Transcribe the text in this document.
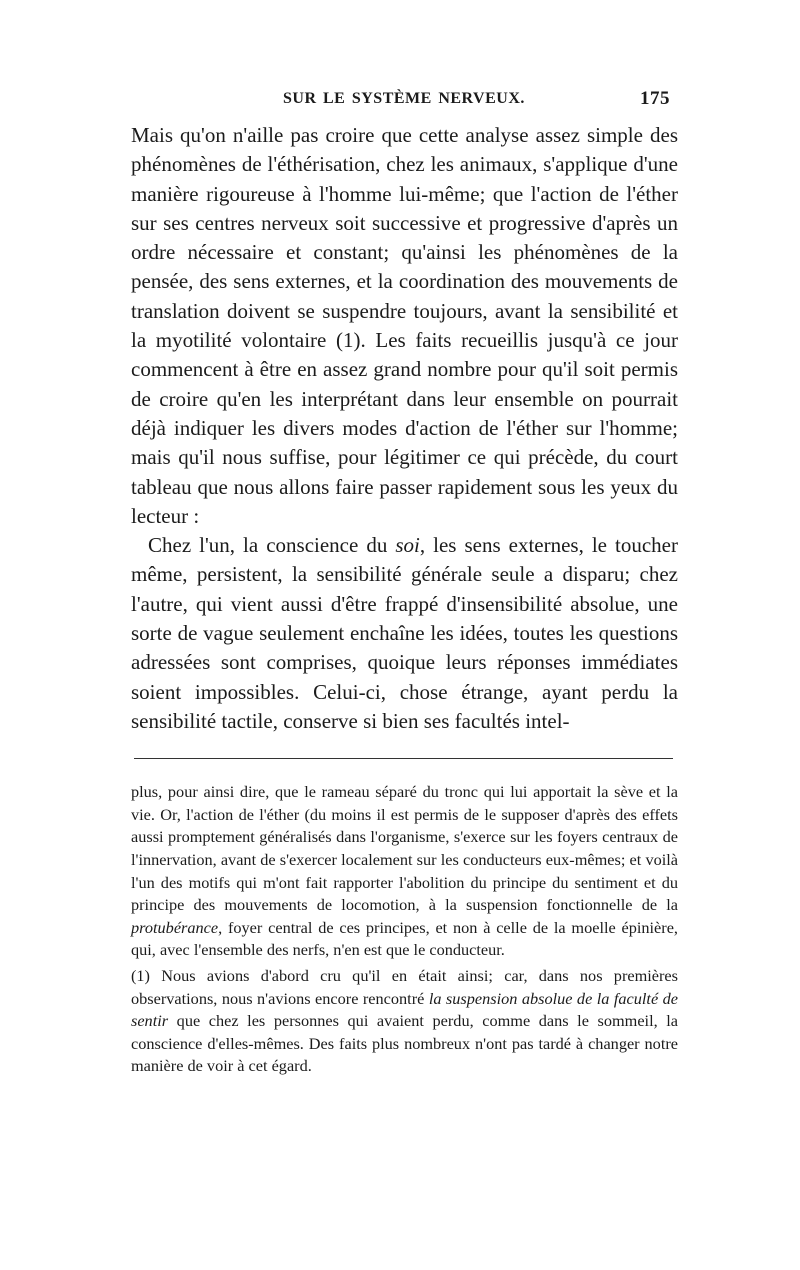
SUR LE SYSTÈME NERVEUX.	175

Mais qu'on n'aille pas croire que cette analyse assez simple des phénomènes de l'éthérisation, chez les animaux, s'applique d'une manière rigoureuse à l'homme lui-même; que l'action de l'éther sur ses centres nerveux soit successive et progressive d'après un ordre nécessaire et constant; qu'ainsi les phénomènes de la pensée, des sens externes, et la coordination des mouvements de translation doivent se suspendre toujours, avant la sensibilité et la myotilité volontaire (1). Les faits recueillis jusqu'à ce jour commencent à être en assez grand nombre pour qu'il soit permis de croire qu'en les interprétant dans leur ensemble on pourrait déjà indiquer les divers modes d'action de l'éther sur l'homme; mais qu'il nous suffise, pour légitimer ce qui précède, du court tableau que nous allons faire passer rapidement sous les yeux du lecteur :

Chez l'un, la conscience du soi, les sens externes, le toucher même, persistent, la sensibilité générale seule a disparu; chez l'autre, qui vient aussi d'être frappé d'insensibilité absolue, une sorte de vague seulement enchaîne les idées, toutes les questions adressées sont comprises, quoique leurs réponses immédiates soient impossibles. Celui-ci, chose étrange, ayant perdu la sensibilité tactile, conserve si bien ses facultés intel-

plus, pour ainsi dire, que le rameau séparé du tronc qui lui apportait la sève et la vie. Or, l'action de l'éther (du moins il est permis de le supposer d'après des effets aussi promptement généralisés dans l'organisme, s'exerce sur les foyers centraux de l'innervation, avant de s'exercer localement sur les conducteurs eux-mêmes; et voilà l'un des motifs qui m'ont fait rapporter l'abolition du principe du sentiment et du principe des mouvements de locomotion, à la suspension fonctionnelle de la protubérance, foyer central de ces principes, et non à celle de la moelle épinière, qui, avec l'ensemble des nerfs, n'en est que le conducteur.

(1) Nous avions d'abord cru qu'il en était ainsi; car, dans nos premières observations, nous n'avions encore rencontré la suspension absolue de la faculté de sentir que chez les personnes qui avaient perdu, comme dans le sommeil, la conscience d'elles-mêmes. Des faits plus nombreux n'ont pas tardé à changer notre manière de voir à cet égard.
